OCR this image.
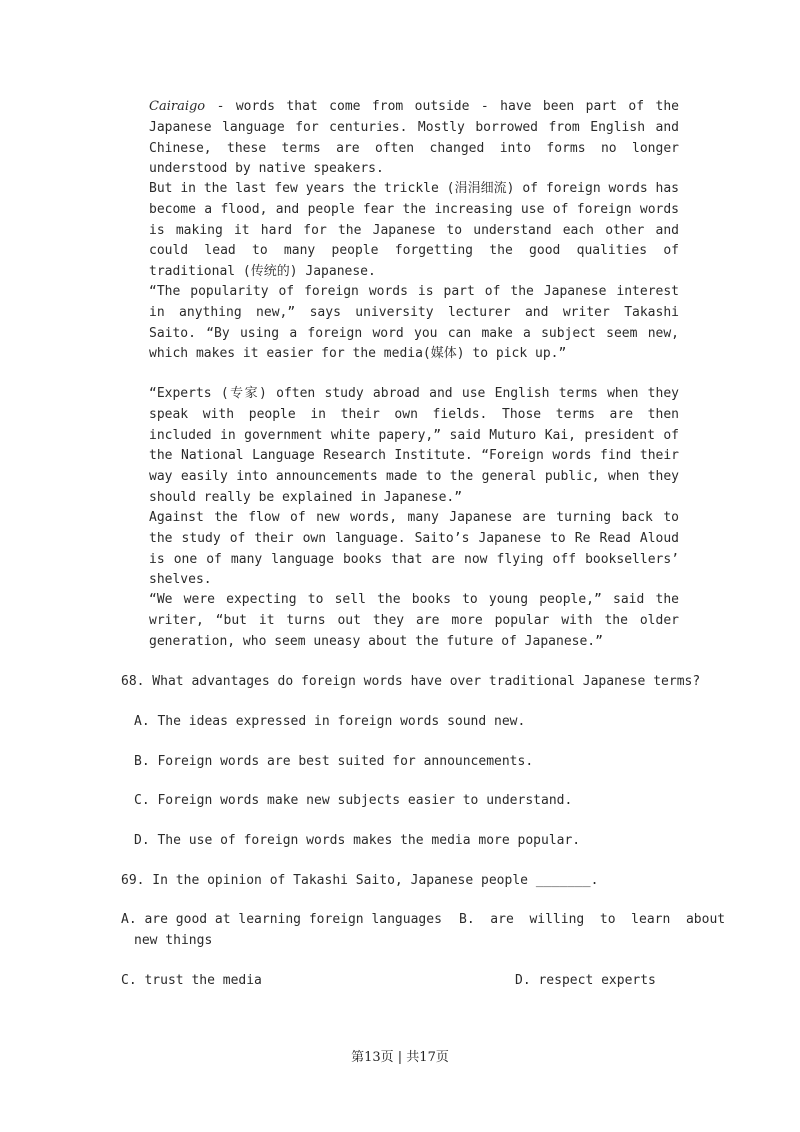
Cairaigo - words that come from outside - have been part of the Japanese language for centuries. Mostly borrowed from English and Chinese, these terms are often changed into forms no longer understood by native speakers.
But in the last few years the trickle (涓涓细流) of foreign words has become a flood, and people fear the increasing use of foreign words is making it hard for the Japanese to understand each other and could lead to many people forgetting the good qualities of traditional (传统的) Japanese.
“The popularity of foreign words is part of the Japanese interest in anything new,” says university lecturer and writer Takashi Saito. “By using a foreign word you can make a subject seem new, which makes it easier for the media(媒体) to pick up.”
“Experts (专家) often study abroad and use English terms when they speak with people in their own fields. Those terms are then included in government white papery,” said Muturo Kai, president of the National Language Research Institute. “Foreign words find their way easily into announcements made to the general public, when they should really be explained in Japanese.”
Against the flow of new words, many Japanese are turning back to the study of their own language. Saito’s Japanese to Re Read Aloud is one of many language books that are now flying off booksellers’ shelves.
“We were expecting to sell the books to young people,” said the writer, “but it turns out they are more popular with the older generation, who seem uneasy about the future of Japanese.”
68. What advantages do foreign words have over traditional Japanese terms?
A. The ideas expressed in foreign words sound new.
B. Foreign words are best suited for announcements.
C. Foreign words make new subjects easier to understand.
D. The use of foreign words makes the media more popular.
69. In the opinion of Takashi Saito, Japanese people _______.
A. are good at learning foreign languages B.  are  willing  to  learn  about
new things
C. trust the media	D. respect experts
第13页 | 共17页
